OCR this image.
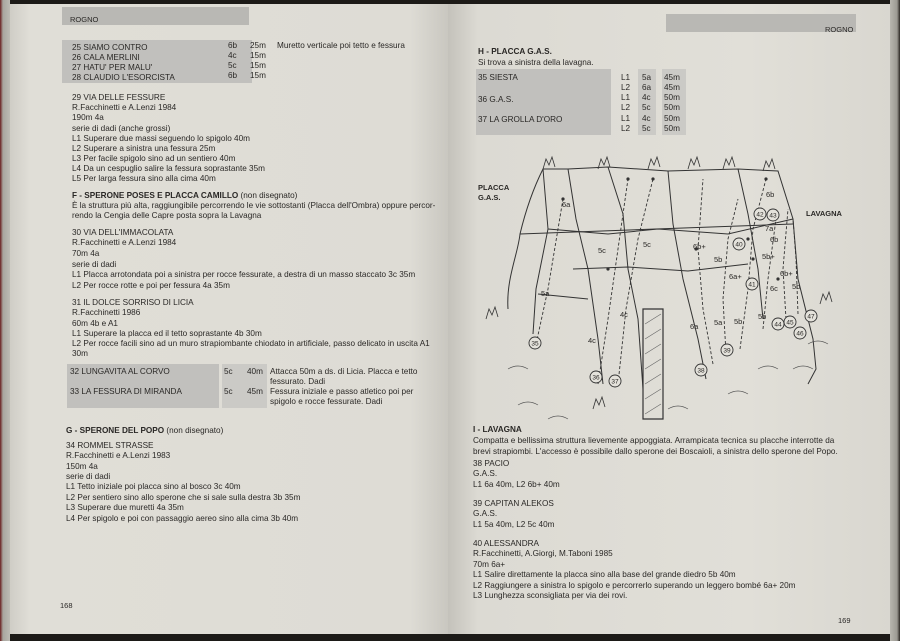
ROGNO
25 SIAMO CONTRO	6b 25m Muretto verticale poi tetto e fessura
26 CALA MERLINI	4c 15m
27 HATU' PER MALU'	5c 15m
28 CLAUDIO L'ESORCISTA	6b 15m
29 VIA DELLE FESSURE
R.Facchinetti e A.Lenzi 1984
190m 4a
serie di dadi (anche grossi)
L1 Superare due massi seguendo lo spigolo 40m
L2 Superare a sinistra una fessura 25m
L3 Per facile spigolo sino ad un sentiero 40m
L4 Da un cespuglio salire la fessura soprastante 35m
L5 Per larga fessura sino alla cima 40m
F - SPERONE POSES E PLACCA CAMILLO (non disegnato)
È la struttura più alta, raggiungibile percorrendo le vie sottostanti (Placca dell'Ombra) oppure percor-
rendo la Cengia delle Capre posta sopra la Lavagna
30 VIA DELL'IMMACOLATA
R.Facchinetti e A.Lenzi 1984
70m 4a
serie di dadi
L1 Placca arrotondata poi a sinistra per rocce fessurate, a destra di un masso staccato 3c 35m
L2 Per rocce rotte e poi per fessura 4a 35m
31 IL DOLCE SORRISO DI LICIA
R.Facchinetti 1986
60m 4b e A1
L1 Superare la placca ed il tetto soprastante 4b 30m
L2 Per rocce facili sino ad un muro strapiombante chiodato in artificiale, passo delicato in uscita A1
30m
32 LUNGAVITA AL CORVO	5c 40m Attacca 50m a ds. di Licia. Placca e tetto
fessurato. Dadi
33 LA FESSURA DI MIRANDA	5c 45m Fessura iniziale e passo atletico poi per
spigolo e rocce fessurate. Dadi
G - SPERONE DEL POPO (non disegnato)
34 ROMMEL STRASSE
R.Facchinetti e A.Lenzi 1983
150m 4a
serie di dadi
L1 Tetto iniziale poi placca sino al bosco 3c 40m
L2 Per sentiero sino allo sperone che si sale sulla destra 3b 35m
L3 Superare due muretti 4a 35m
L4 Per spigolo e poi con passaggio aereo sino alla cima 3b 40m
168
ROGNO
H - PLACCA G.A.S.
Si trova a sinistra della lavagna.
35 SIESTA	L1 5a 45m
L2 6a 45m
36 G.A.S.	L1 4c 50m
L2 5c 50m
37 LA GROLLA D'ORO	L1 4c 50m
L2 5c 50m
PLACCA
G.A.S.
LAVAGNA
6a
5c
5c	6b+
6b
5a
4c
4c
6a 5a 5b
5b
6a+
5b+
6b
7a
6b+
6c
5b
5b
35
36
37
38
39
40
41
42 43
44 45
46
47
I - LAVAGNA
Compatta e bellissima struttura lievemente appoggiata. Arrampicata tecnica su placche interrotte da
brevi strapiombi. L'accesso è possibile dallo sperone dei Boscaioli, a sinistra dello sperone del Popo.
38 PACIO
G.A.S.
L1 6a 40m, L2 6b+ 40m
39 CAPITAN ALEKOS
G.A.S.
L1 5a 40m, L2 5c 40m
40 ALESSANDRA
R.Facchinetti, A.Giorgi, M.Taboni 1985
70m 6a+
L1 Salire direttamente la placca sino alla base del grande diedro 5b 40m
L2 Raggiungere a sinistra lo spigolo e percorrerlo superando un leggero bombé 6a+ 20m
L3 Lunghezza sconsigliata per via dei rovi.
169
